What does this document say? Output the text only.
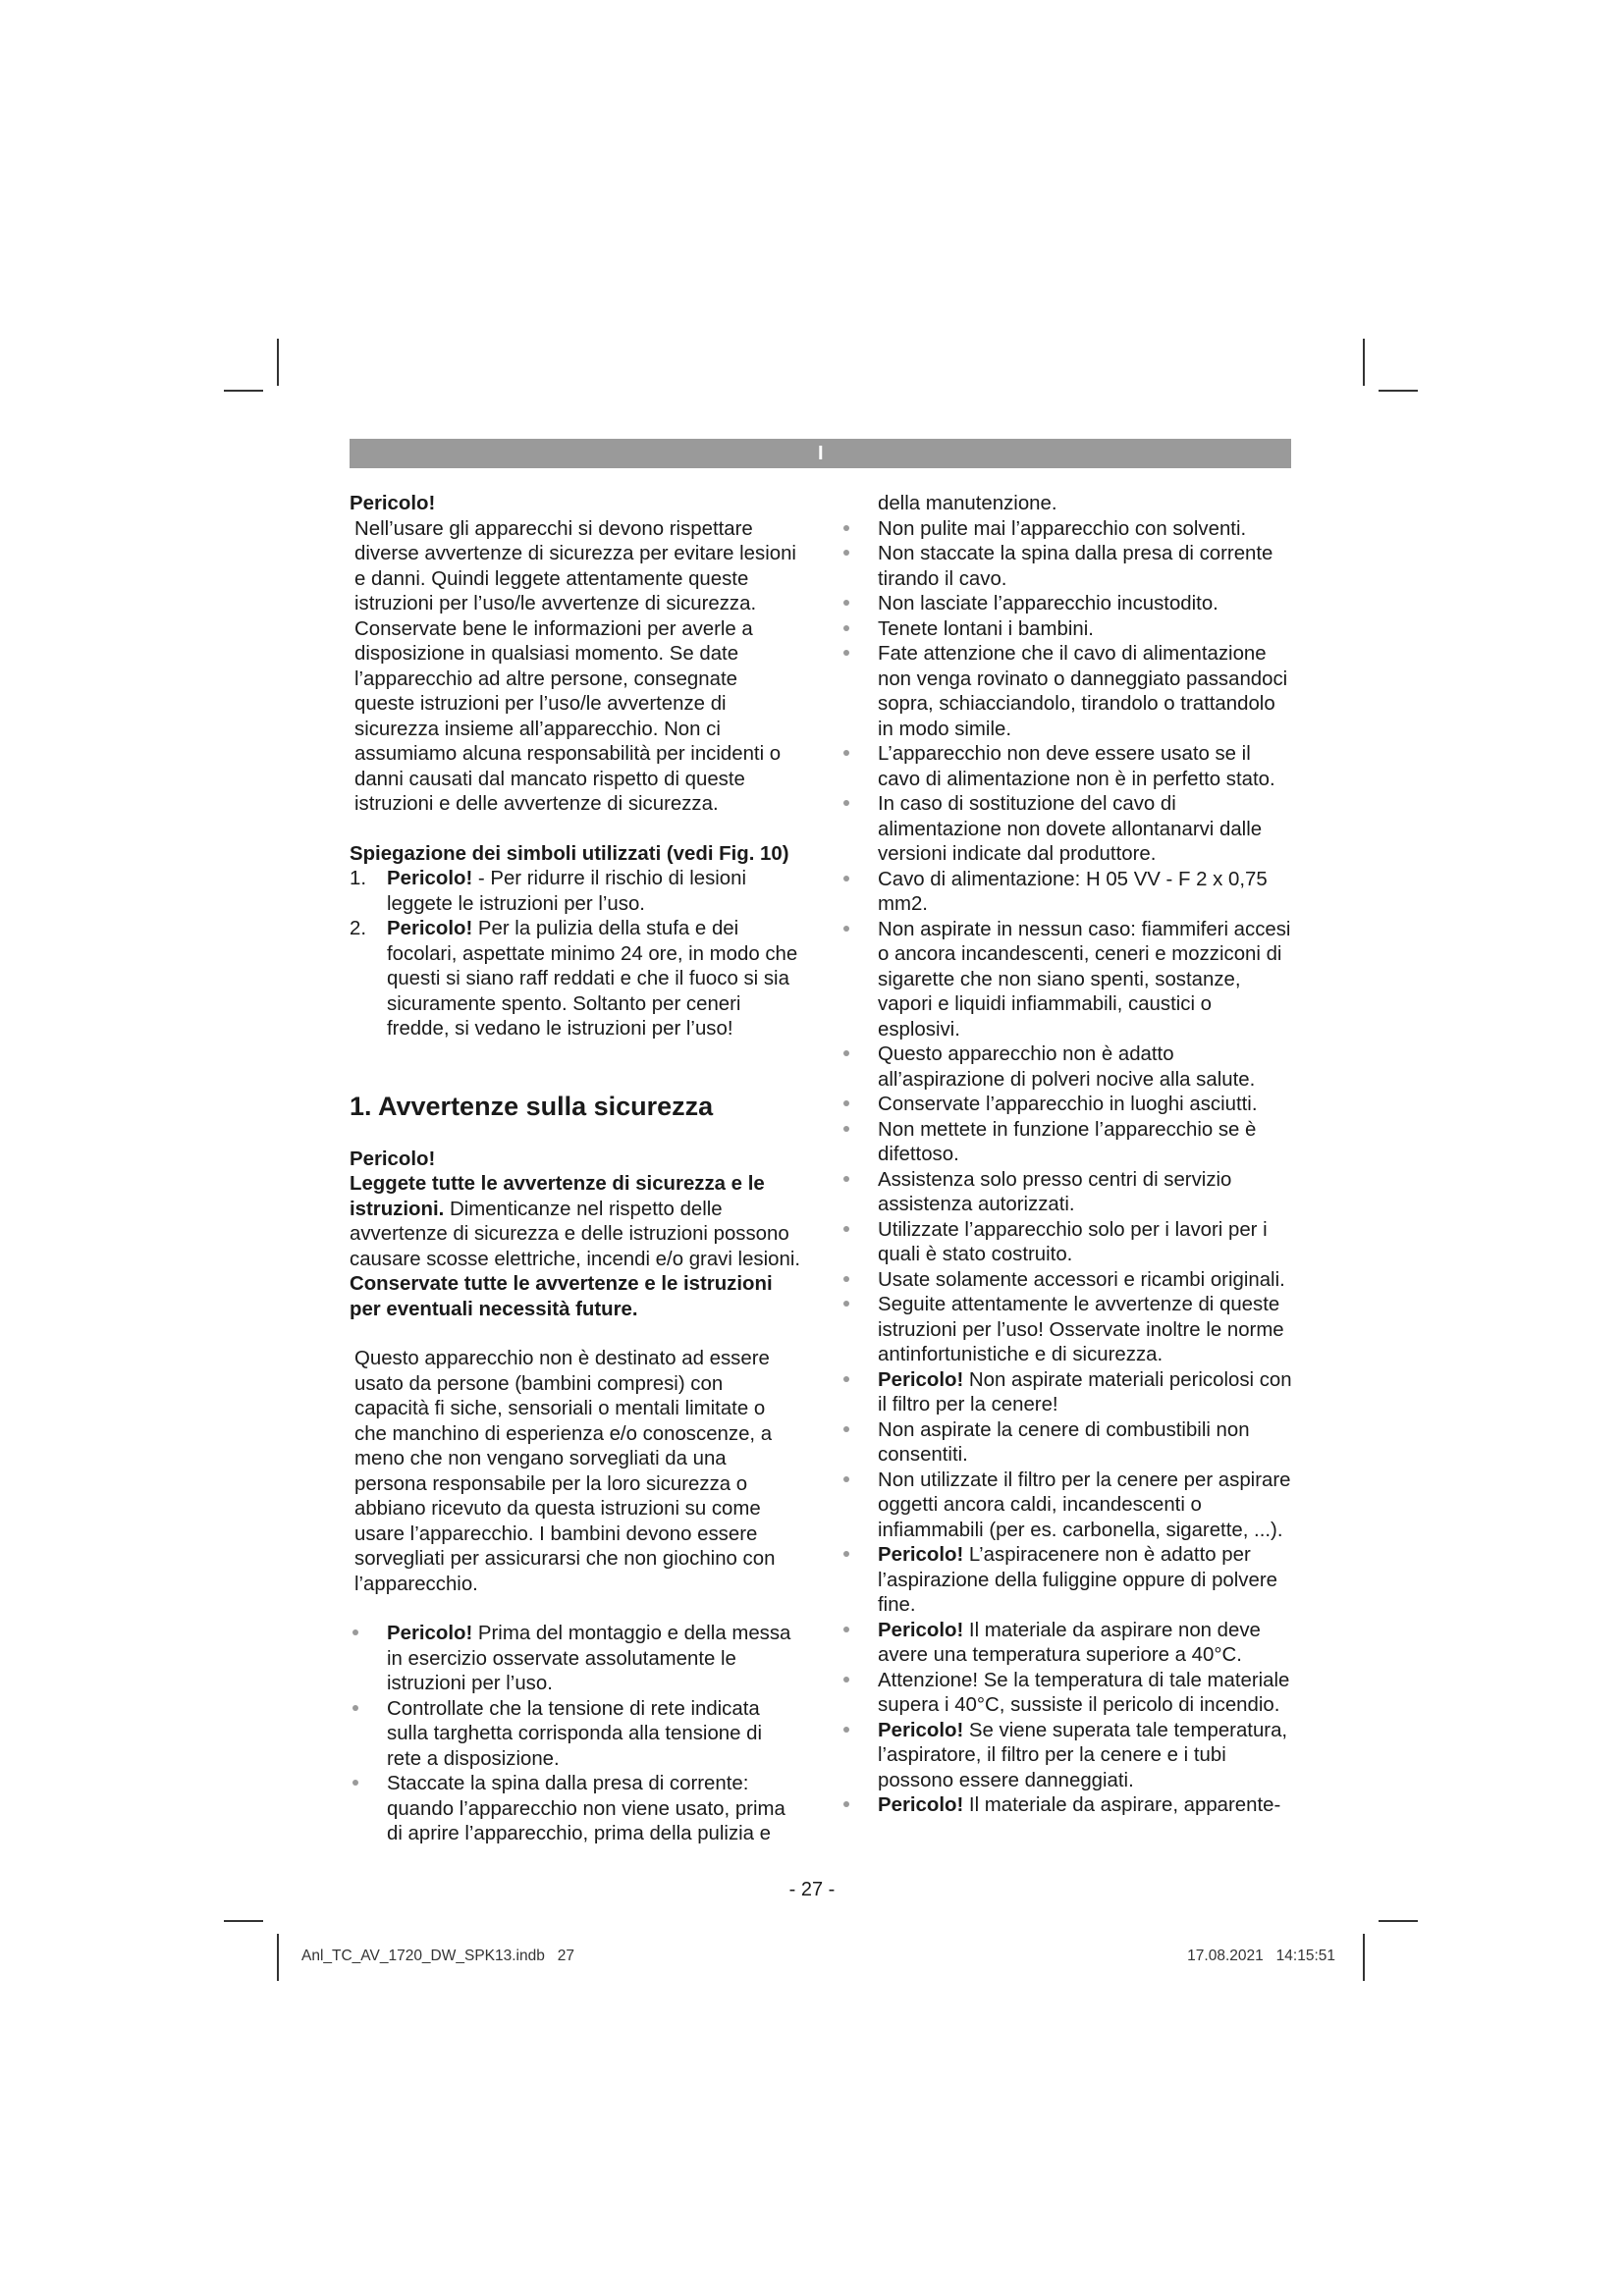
I

Pericolo!

Nell’usare gli apparecchi si devono rispettare diverse avvertenze di sicurezza per evitare lesioni e danni. Quindi leggete attentamente queste istruzioni per l’uso/le avvertenze di sicurezza. Conservate bene le informazioni per averle a disposizione in qualsiasi momento. Se date l’apparecchio ad altre persone, consegnate queste istruzioni per l’uso/le avvertenze di sicurezza insieme all’apparecchio. Non ci assumiamo alcuna responsabilità per incidenti o danni causati dal mancato rispetto di queste istruzioni e delle avvertenze di sicurezza.

Spiegazione dei simboli utilizzati (vedi Fig. 10)

1. Pericolo! - Per ridurre il rischio di lesioni leggete le istruzioni per l’uso.
2. Pericolo! Per la pulizia della stufa e dei focolari, aspettate minimo 24 ore, in modo che questi si siano raff reddati e che il fuoco si sia sicuramente spento. Soltanto per ceneri fredde, si vedano le istruzioni per l’uso!

1. Avvertenze sulla sicurezza

Pericolo!

Leggete tutte le avvertenze di sicurezza e le istruzioni. Dimenticanze nel rispetto delle avvertenze di sicurezza e delle istruzioni possono causare scosse elettriche, incendi e/o gravi lesioni.

Conservate tutte le avvertenze e le istruzioni per eventuali necessità future.

Questo apparecchio non è destinato ad essere usato da persone (bambini compresi) con capacità fi siche, sensoriali o mentali limitate o che manchino di esperienza e/o conoscenze, a meno che non vengano sorvegliati da una persona responsabile per la loro sicurezza o abbiano ricevuto da questa istruzioni su come usare l’apparecchio. I bambini devono essere sorvegliati per assicurarsi che non giochino con l’apparecchio.

Pericolo! Prima del montaggio e della messa in esercizio osservate assolutamente le istruzioni per l’uso.
Controllate che la tensione di rete indicata sulla targhetta corrisponda alla tensione di rete a disposizione.
Staccate la spina dalla presa di corrente: quando l’apparecchio non viene usato, prima di aprire l’apparecchio, prima della pulizia e

della manutenzione.

Non pulite mai l’apparecchio con solventi.
Non staccate la spina dalla presa di corrente tirando il cavo.
Non lasciate l’apparecchio incustodito.
Tenete lontani i bambini.
Fate attenzione che il cavo di alimentazione non venga rovinato o danneggiato passandoci sopra, schiacciandolo, tirandolo o trattandolo in modo simile.
L’apparecchio non deve essere usato se il cavo di alimentazione non è in perfetto stato.
In caso di sostituzione del cavo di alimentazione non dovete allontanarvi dalle versioni indicate dal produttore.
Cavo di alimentazione: H 05 VV - F 2 x 0,75 mm2.
Non aspirate in nessun caso: fiammiferi accesi o ancora incandescenti, ceneri e mozziconi di sigarette che non siano spenti, sostanze, vapori e liquidi infiammabili, caustici o esplosivi.
Questo apparecchio non è adatto all’aspirazione di polveri nocive alla salute.
Conservate l’apparecchio in luoghi asciutti.
Non mettete in funzione l’apparecchio se è difettoso.
Assistenza solo presso centri di servizio assistenza autorizzati.
Utilizzate l’apparecchio solo per i lavori per i quali è stato costruito.
Usate solamente accessori e ricambi originali.
Seguite attentamente le avvertenze di queste istruzioni per l’uso! Osservate inoltre le norme antinfortunistiche e di sicurezza.
Pericolo! Non aspirate materiali pericolosi con il filtro per la cenere!
Non aspirate la cenere di combustibili non consentiti.
Non utilizzate il filtro per la cenere per aspirare oggetti ancora caldi, incandescenti o infiammabili (per es. carbonella, sigarette, ...).
Pericolo! L’aspiracenere non è adatto per l’aspirazione della fuliggine oppure di polvere fine.
Pericolo! Il materiale da aspirare non deve avere una temperatura superiore a 40°C.
Attenzione! Se la temperatura di tale materiale supera i 40°C, sussiste il pericolo di incendio.
Pericolo! Se viene superata tale temperatura, l’aspiratore, il filtro per la cenere e i tubi possono essere danneggiati.
Pericolo! Il materiale da aspirare, apparente-
- 27 -
Anl_TC_AV_1720_DW_SPK13.indb   27	17.08.2021   14:15:51
